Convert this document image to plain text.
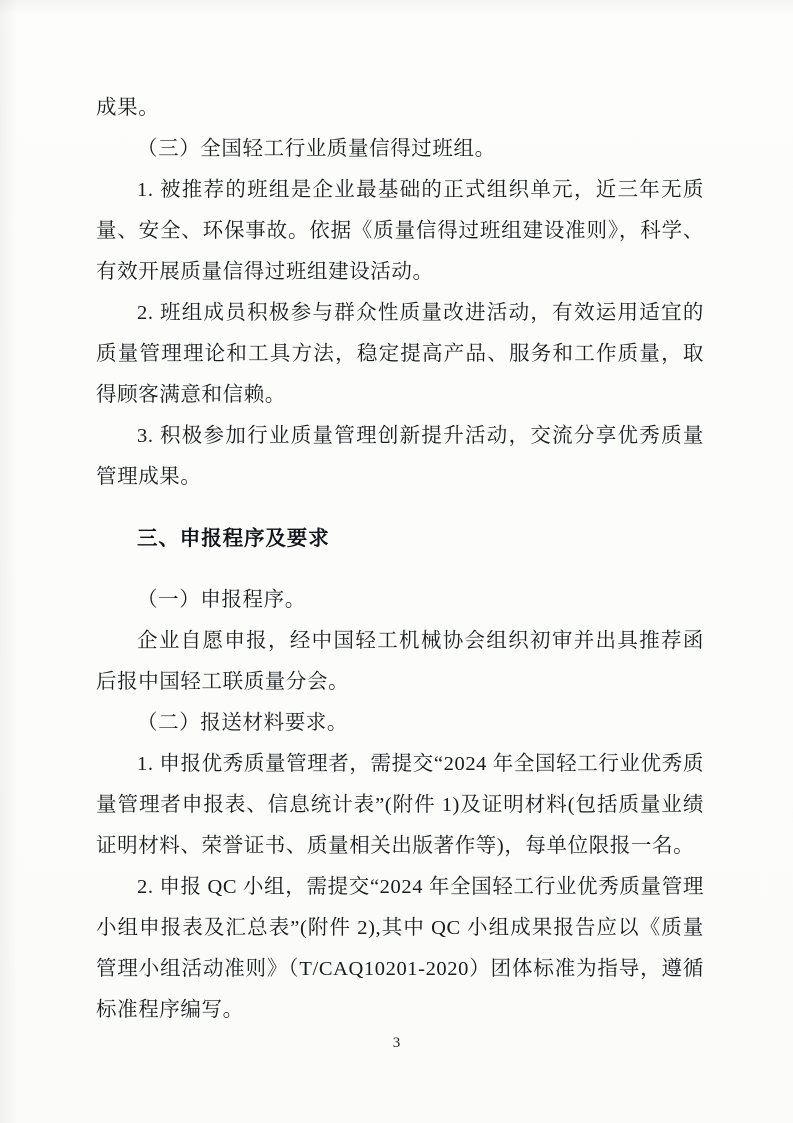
成果。

（三）全国轻工行业质量信得过班组。

1. 被推荐的班组是企业最基础的正式组织单元，近三年无质量、安全、环保事故。依据《质量信得过班组建设准则》，科学、有效开展质量信得过班组建设活动。

2. 班组成员积极参与群众性质量改进活动，有效运用适宜的质量管理理论和工具方法，稳定提高产品、服务和工作质量，取得顾客满意和信赖。

3. 积极参加行业质量管理创新提升活动，交流分享优秀质量管理成果。

三、申报程序及要求

（一）申报程序。

企业自愿申报，经中国轻工机械协会组织初审并出具推荐函后报中国轻工联质量分会。

（二）报送材料要求。

1. 申报优秀质量管理者，需提交“2024 年全国轻工行业优秀质量管理者申报表、信息统计表”(附件 1)及证明材料(包括质量业绩证明材料、荣誉证书、质量相关出版著作等)，每单位限报一名。

2. 申报 QC 小组，需提交“2024 年全国轻工行业优秀质量管理小组申报表及汇总表”(附件 2),其中 QC 小组成果报告应以《质量管理小组活动准则》（T/CAQ10201-2020）团体标准为指导，遵循标准程序编写。

3
